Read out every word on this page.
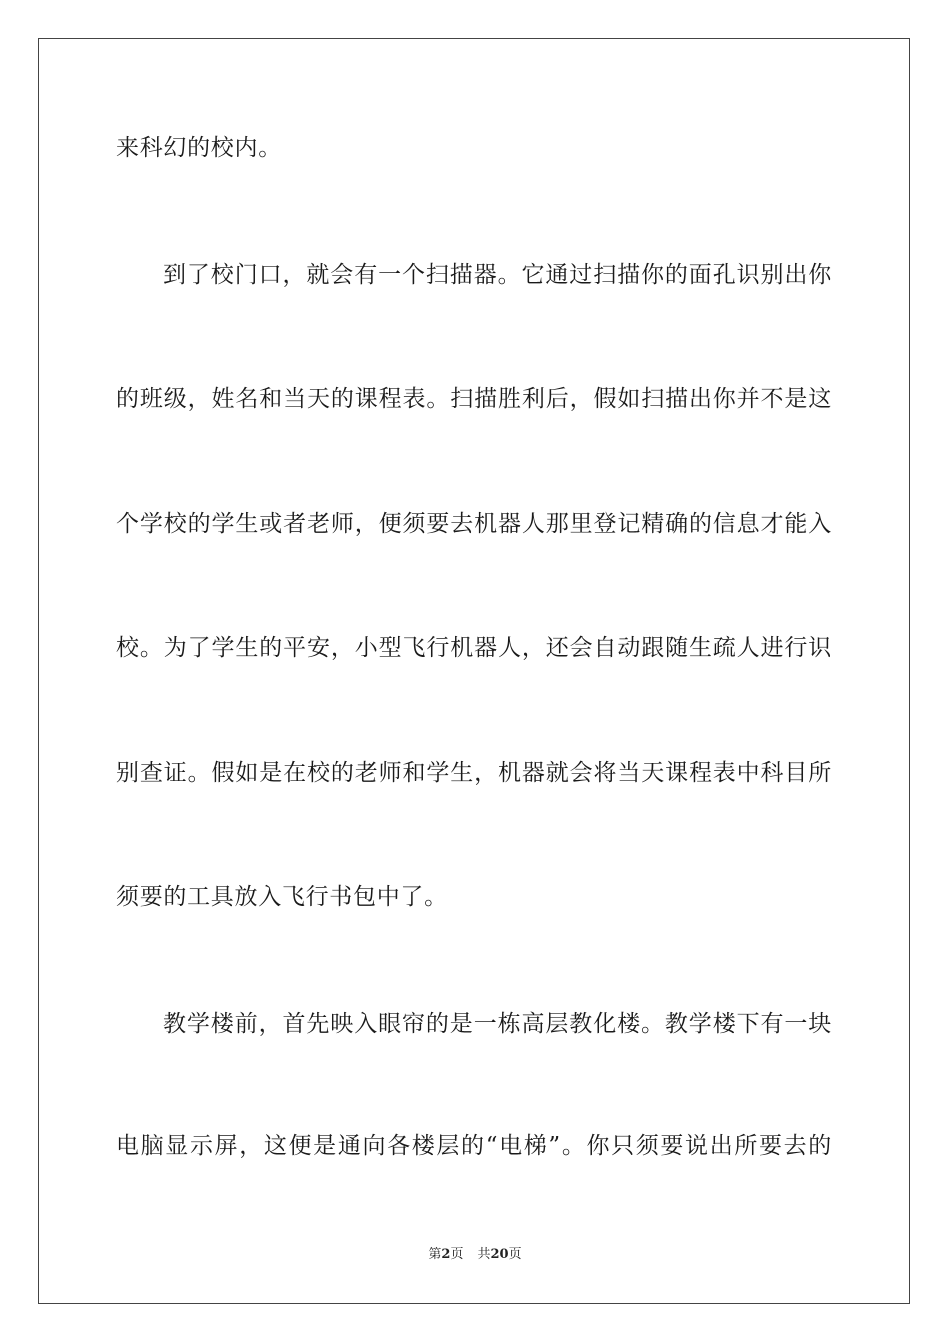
来科幻的校内。
到了校门口，就会有一个扫描器。它通过扫描你的面孔识别出你
的班级，姓名和当天的课程表。扫描胜利后，假如扫描出你并不是这
个学校的学生或者老师，便须要去机器人那里登记精确的信息才能入
校。为了学生的平安，小型飞行机器人，还会自动跟随生疏人进行识
别查证。假如是在校的老师和学生，机器就会将当天课程表中科目所
须要的工具放入飞行书包中了。
教学楼前，首先映入眼帘的是一栋高层教化楼。教学楼下有一块
电脑显示屏，这便是通向各楼层的“电梯”。你只须要说出所要去的
第2页 共20页
